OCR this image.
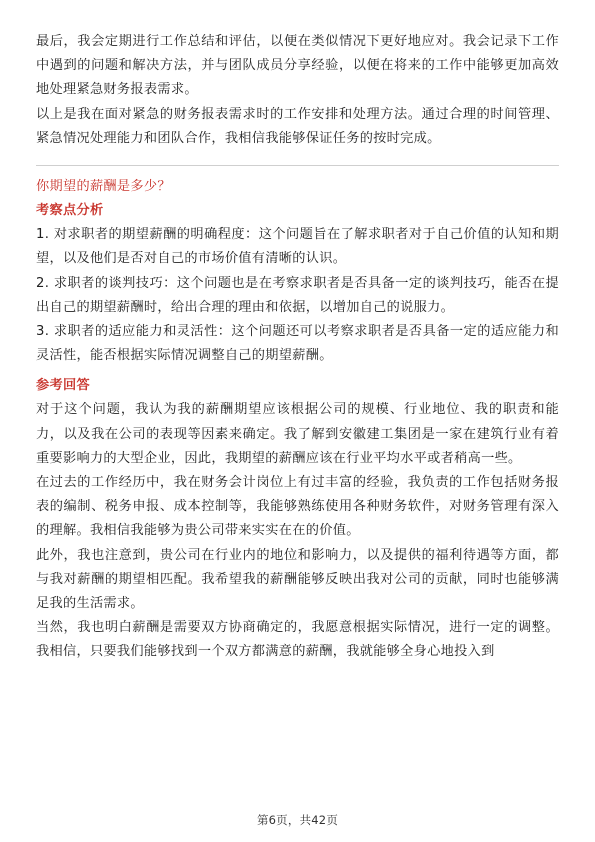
最后，我会定期进行工作总结和评估，以便在类似情况下更好地应对。我会记录下工作中遇到的问题和解决方法，并与团队成员分享经验，以便在将来的工作中能够更加高效地处理紧急财务报表需求。

以上是我在面对紧急的财务报表需求时的工作安排和处理方法。通过合理的时间管理、紧急情况处理能力和团队合作，我相信我能够保证任务的按时完成。

你期望的薪酬是多少？
考察点分析

1. 对求职者的期望薪酬的明确程度：这个问题旨在了解求职者对于自己价值的认知和期望，以及他们是否对自己的市场价值有清晰的认识。

2. 求职者的谈判技巧：这个问题也是在考察求职者是否具备一定的谈判技巧，能否在提出自己的期望薪酬时，给出合理的理由和依据，以增加自己的说服力。

3. 求职者的适应能力和灵活性：这个问题还可以考察求职者是否具备一定的适应能力和灵活性，能否根据实际情况调整自己的期望薪酬。

参考回答

对于这个问题，我认为我的薪酬期望应该根据公司的规模、行业地位、我的职责和能力，以及我在公司的表现等因素来确定。我了解到安徽建工集团是一家在建筑行业有着重要影响力的大型企业，因此，我期望的薪酬应该在行业平均水平或者稍高一些。

在过去的工作经历中，我在财务会计岗位上有过丰富的经验，我负责的工作包括财务报表的编制、税务申报、成本控制等，我能够熟练使用各种财务软件，对财务管理有深入的理解。我相信我能够为贵公司带来实实在在的价值。

此外，我也注意到，贵公司在行业内的地位和影响力，以及提供的福利待遇等方面，都与我对薪酬的期望相匹配。我希望我的薪酬能够反映出我对公司的贡献，同时也能够满足我的生活需求。

当然，我也明白薪酬是需要双方协商确定的，我愿意根据实际情况，进行一定的调整。我相信，只要我们能够找到一个双方都满意的薪酬，我就能够全身心地投入到

第6页，共42页
